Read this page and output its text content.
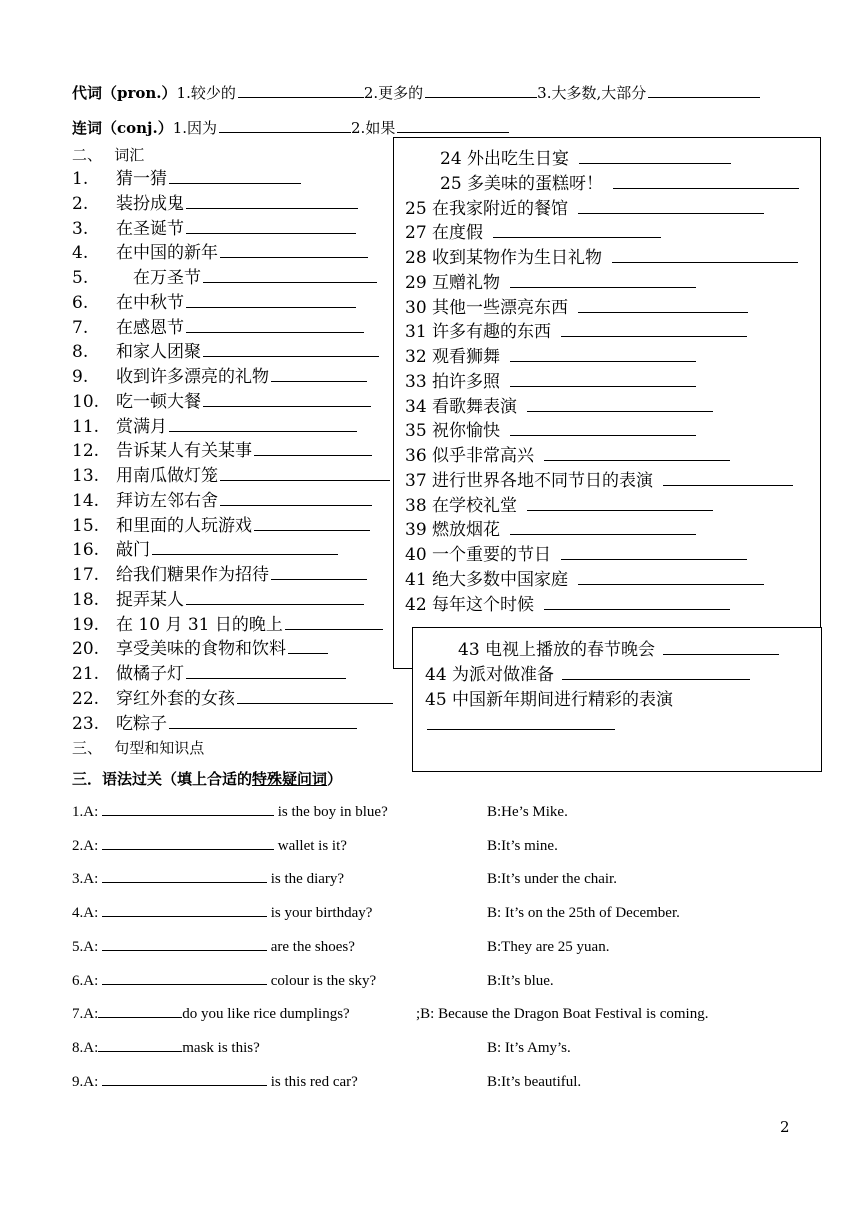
代词（pron.）1.较少的	2.更多的	3.大多数,大部分
连词（conj.）1.因为	2.如果
二、　 词汇
1. 猜一猜
2. 装扮成鬼
3. 在圣诞节
4. 在中国的新年
5.　在万圣节
6. 在中秋节
7. 在感恩节
8. 和家人团聚
9. 收到许多漂亮的礼物
10. 吃一顿大餐
11. 赏满月
12. 告诉某人有关某事
13. 用南瓜做灯笼
14. 拜访左邻右舍
15. 和里面的人玩游戏
16. 敲门
17. 给我们糖果作为招待
18. 捉弄某人
19. 在 10 月 31 日的晚上
20. 享受美味的食物和饮料
21. 做橘子灯
22. 穿红外套的女孩
23. 吃粽子
24 外出吃生日宴
25 多美味的蛋糕呀！
25 在我家附近的餐馆
27 在度假
28 收到某物作为生日礼物
29 互赠礼物
30 其他一些漂亮东西
31 许多有趣的东西
32 观看狮舞
33 拍许多照
34 看歌舞表演
35 祝你愉快
36 似乎非常高兴
37 进行世界各地不同节日的表演
38 在学校礼堂
39 燃放烟花
40 一个重要的节日
41 绝大多数中国家庭
42 每年这个时候
43 电视上播放的春节晚会
44 为派对做准备
45 中国新年期间进行精彩的表演
三、　 句型和知识点
三．语法过关（填上合适的特殊疑问词）
1.A:	is the boy in blue?	B:He’s Mike.
2.A:	wallet is it?	B:It’s mine.
3.A:	is the diary?	B:It’s under the chair.
4.A:	is your birthday?	B: It’s on the 25th of December.
5.A:	are the shoes?	B:They are 25 yuan.
6.A:	colour is the sky?	B:It’s blue.
7.A:	do you like rice dumplings?	;B: Because the Dragon Boat Festival is coming.
8.A:	mask is this?	B: It’s Amy’s.
9.A:	is this red car?	B:It’s beautiful.
2
